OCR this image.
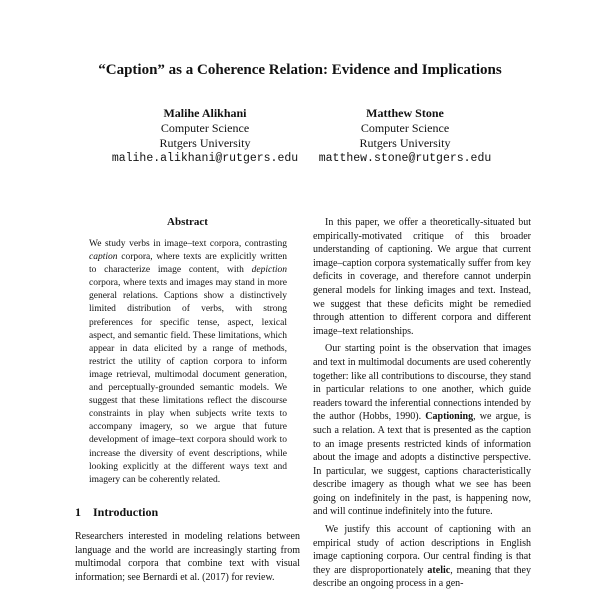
“Caption” as a Coherence Relation: Evidence and Implications
Malihe Alikhani
Computer Science
Rutgers University
malihe.alikhani@rutgers.edu
Matthew Stone
Computer Science
Rutgers University
matthew.stone@rutgers.edu
Abstract

We study verbs in image–text corpora, contrasting caption corpora, where texts are explicitly written to characterize image content, with depiction corpora, where texts and images may stand in more general relations. Captions show a distinctively limited distribution of verbs, with strong preferences for specific tense, aspect, lexical aspect, and semantic field. These limitations, which appear in data elicited by a range of methods, restrict the utility of caption corpora to inform image retrieval, multimodal document generation, and perceptually-grounded semantic models. We suggest that these limitations reflect the discourse constraints in play when subjects write texts to accompany imagery, so we argue that future development of image–text corpora should work to increase the diversity of event descriptions, while looking explicitly at the different ways text and imagery can be coherently related.

1 Introduction

Researchers interested in modeling relations between language and the world are increasingly starting from multimodal corpora that combine text with visual information; see Bernardi et al. (2017) for review.

In this paper, we offer a theoretically-situated but empirically-motivated critique of this broader understanding of captioning. We argue that current image–caption corpora systematically suffer from key deficits in coverage, and therefore cannot underpin general models for linking images and text. Instead, we suggest that these deficits might be remedied through attention to different corpora and different image–text relationships.

Our starting point is the observation that images and text in multimodal documents are used coherently together: like all contributions to discourse, they stand in particular relations to one another, which guide readers toward the inferential connections intended by the author (Hobbs, 1990). Captioning, we argue, is such a relation. A text that is presented as the caption to an image presents restricted kinds of information about the image and adopts a distinctive perspective. In particular, we suggest, captions characteristically describe imagery as though what we see has been going on indefinitely in the past, is happening now, and will continue indefinitely into the future.

We justify this account of captioning with an empirical study of action descriptions in English image captioning corpora. Our central finding is that they are disproportionately atelic, meaning that they describe an ongoing process in a gen-
